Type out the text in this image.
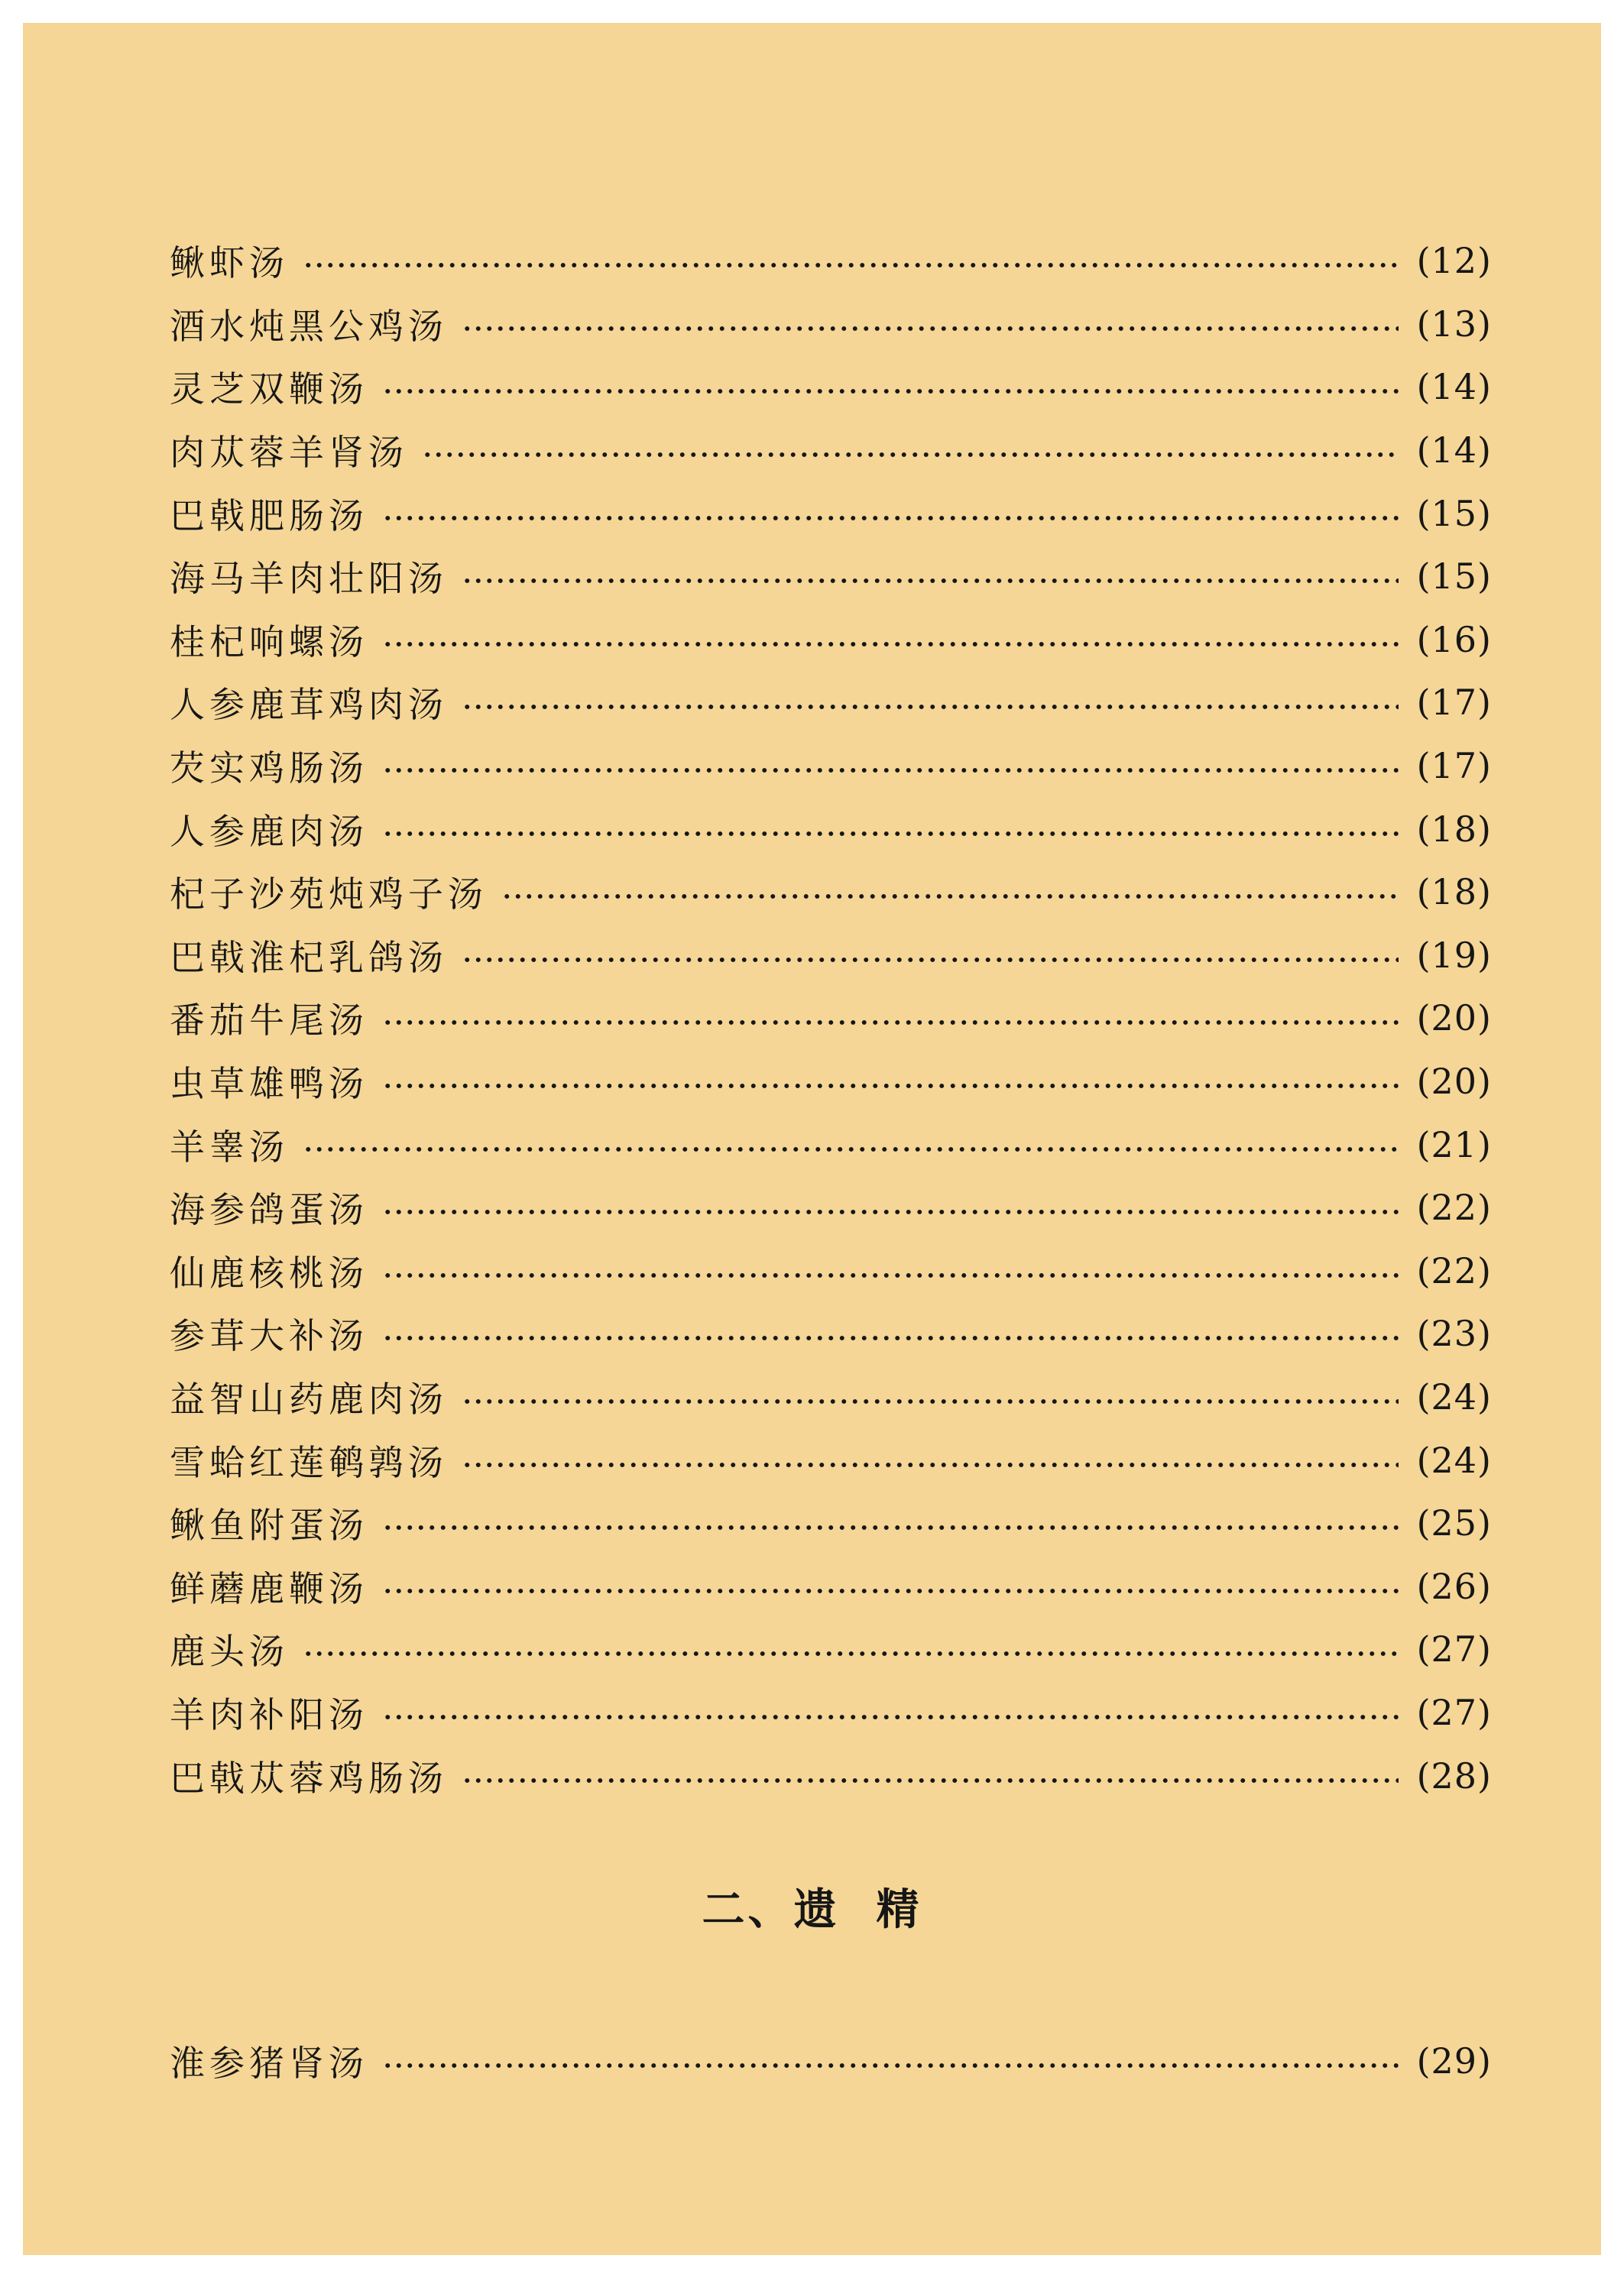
鳅虾汤	(12)
酒水炖黑公鸡汤	(13)
灵芝双鞭汤	(14)
肉苁蓉羊肾汤	(14)
巴戟肥肠汤	(15)
海马羊肉壮阳汤	(15)
桂杞响螺汤	(16)
人参鹿茸鸡肉汤	(17)
芡实鸡肠汤	(17)
人参鹿肉汤	(18)
杞子沙苑炖鸡子汤	(18)
巴戟淮杞乳鸽汤	(19)
番茄牛尾汤	(20)
虫草雄鸭汤	(20)
羊睾汤	(21)
海参鸽蛋汤	(22)
仙鹿核桃汤	(22)
参茸大补汤	(23)
益智山药鹿肉汤	(24)
雪蛤红莲鹌鹑汤	(24)
鳅鱼附蛋汤	(25)
鲜蘑鹿鞭汤	(26)
鹿头汤	(27)
羊肉补阳汤	(27)
巴戟苁蓉鸡肠汤	(28)
二、遗 精
淮参猪肾汤	(29)
